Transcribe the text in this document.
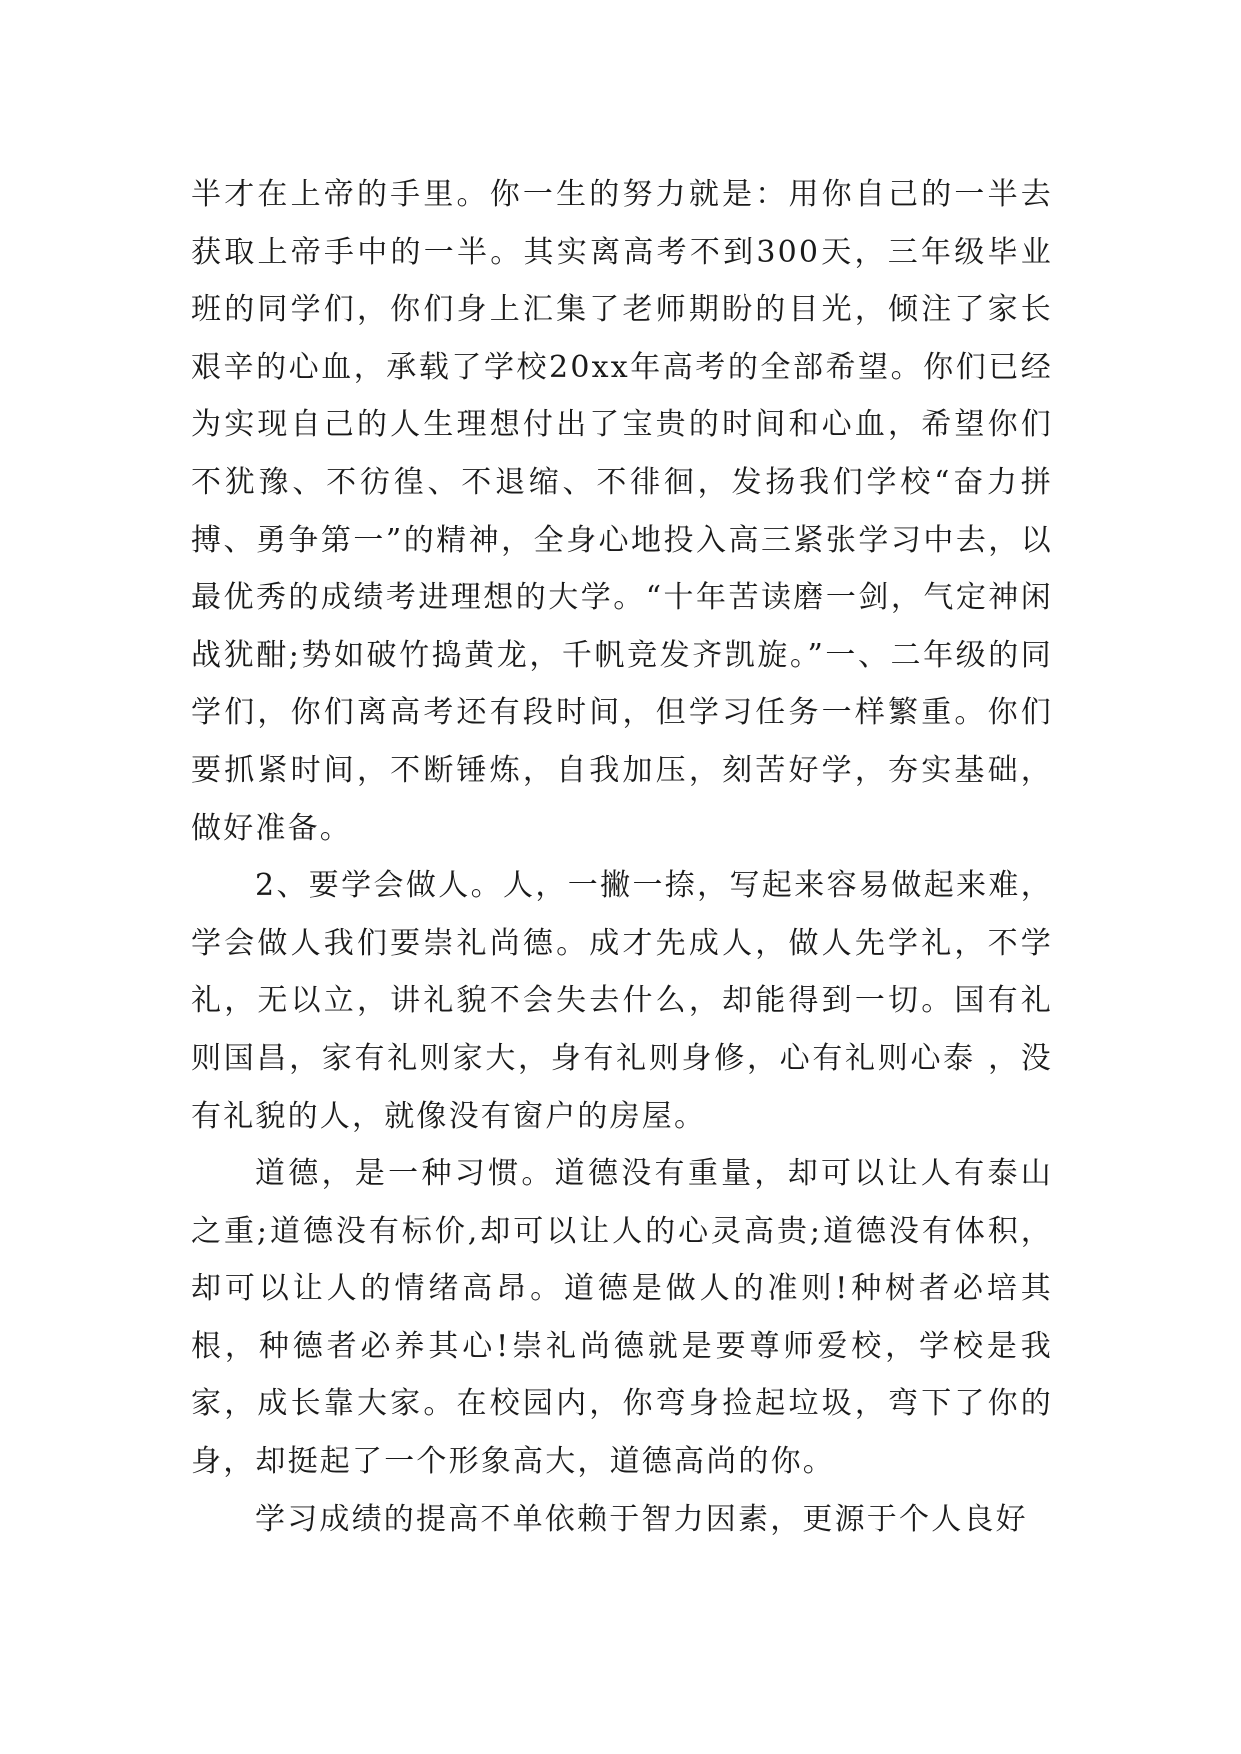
半才在上帝的手里。你一生的努力就是：用你自己的一半去获取上帝手中的一半。其实离高考不到300天，三年级毕业班的同学们，你们身上汇集了老师期盼的目光，倾注了家长艰辛的心血，承载了学校20xx年高考的全部希望。你们已经为实现自己的人生理想付出了宝贵的时间和心血，希望你们不犹豫、不彷徨、不退缩、不徘徊，发扬我们学校“奋力拼搏、勇争第一”的精神，全身心地投入高三紧张学习中去，以最优秀的成绩考进理想的大学。“十年苦读磨一剑，气定神闲战犹酣;势如破竹捣黄龙，千帆竞发齐凯旋。”一、二年级的同学们，你们离高考还有段时间，但学习任务一样繁重。你们要抓紧时间，不断锤炼，自我加压，刻苦好学，夯实基础，做好准备。

2、要学会做人。人，一撇一捺，写起来容易做起来难，学会做人我们要崇礼尚德。成才先成人，做人先学礼，不学礼，无以立，讲礼貌不会失去什么，却能得到一切。国有礼则国昌，家有礼则家大，身有礼则身修，心有礼则心泰 ，没有礼貌的人，就像没有窗户的房屋。

道德，是一种习惯。道德没有重量，却可以让人有泰山之重;道德没有标价,却可以让人的心灵高贵;道德没有体积，却可以让人的情绪高昂。道德是做人的准则!种树者必培其根，种德者必养其心!崇礼尚德就是要尊师爱校，学校是我家，成长靠大家。在校园内，你弯身捡起垃圾，弯下了你的身，却挺起了一个形象高大，道德高尚的你。

学习成绩的提高不单依赖于智力因素，更源于个人良好
